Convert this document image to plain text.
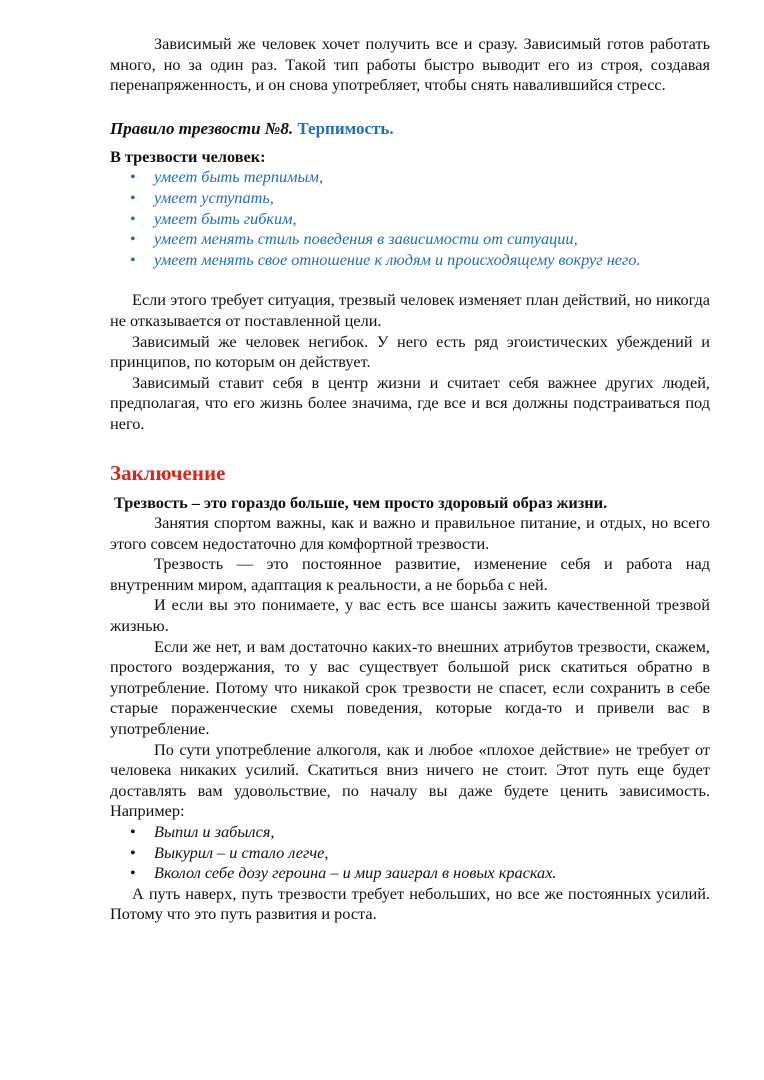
Зависимый же человек хочет получить все и сразу. Зависимый готов работать много, но за один раз. Такой тип работы быстро выводит его из строя, создавая перенапряженность, и он снова употребляет, чтобы снять навалившийся стресс.

Правило трезвости №8. Терпимость.
В трезвости человек:
• умеет быть терпимым,
• умеет уступать,
• умеет быть гибким,
• умеет менять стиль поведения в зависимости от ситуации,
• умеет менять свое отношение к людям и происходящему вокруг него.

Если этого требует ситуация, трезвый человек изменяет план действий, но никогда не отказывается от поставленной цели.

Зависимый же человек негибок. У него есть ряд эгоистических убеждений и принципов, по которым он действует.

Зависимый ставит себя в центр жизни и считает себя важнее других людей, предполагая, что его жизнь более значима, где все и вся должны подстраиваться под него.

Заключение
Трезвость – это гораздо больше, чем просто здоровый образ жизни.

Занятия спортом важны, как и важно и правильное питание, и отдых, но всего этого совсем недостаточно для комфортной трезвости.

Трезвость — это постоянное развитие, изменение себя и работа над внутренним миром, адаптация к реальности, а не борьба с ней.

И если вы это понимаете, у вас есть все шансы зажить качественной трезвой жизнью.

Если же нет, и вам достаточно каких-то внешних атрибутов трезвости, скажем, простого воздержания, то у вас существует большой риск скатиться обратно в употребление. Потому что никакой срок трезвости не спасет, если сохранить в себе старые пораженческие схемы поведения, которые когда-то и привели вас в употребление.

По сути употребление алкоголя, как и любое «плохое действие» не требует от человека никаких усилий. Скатиться вниз ничего не стоит. Этот путь еще будет доставлять вам удовольствие, по началу вы даже будете ценить зависимость. Например:

• Выпил и забылся,
• Выкурил – и стало легче,
• Вколол себе дозу героина – и мир заиграл в новых красках.

А путь наверх, путь трезвости требует небольших, но все же постоянных усилий. Потому что это путь развития и роста.
